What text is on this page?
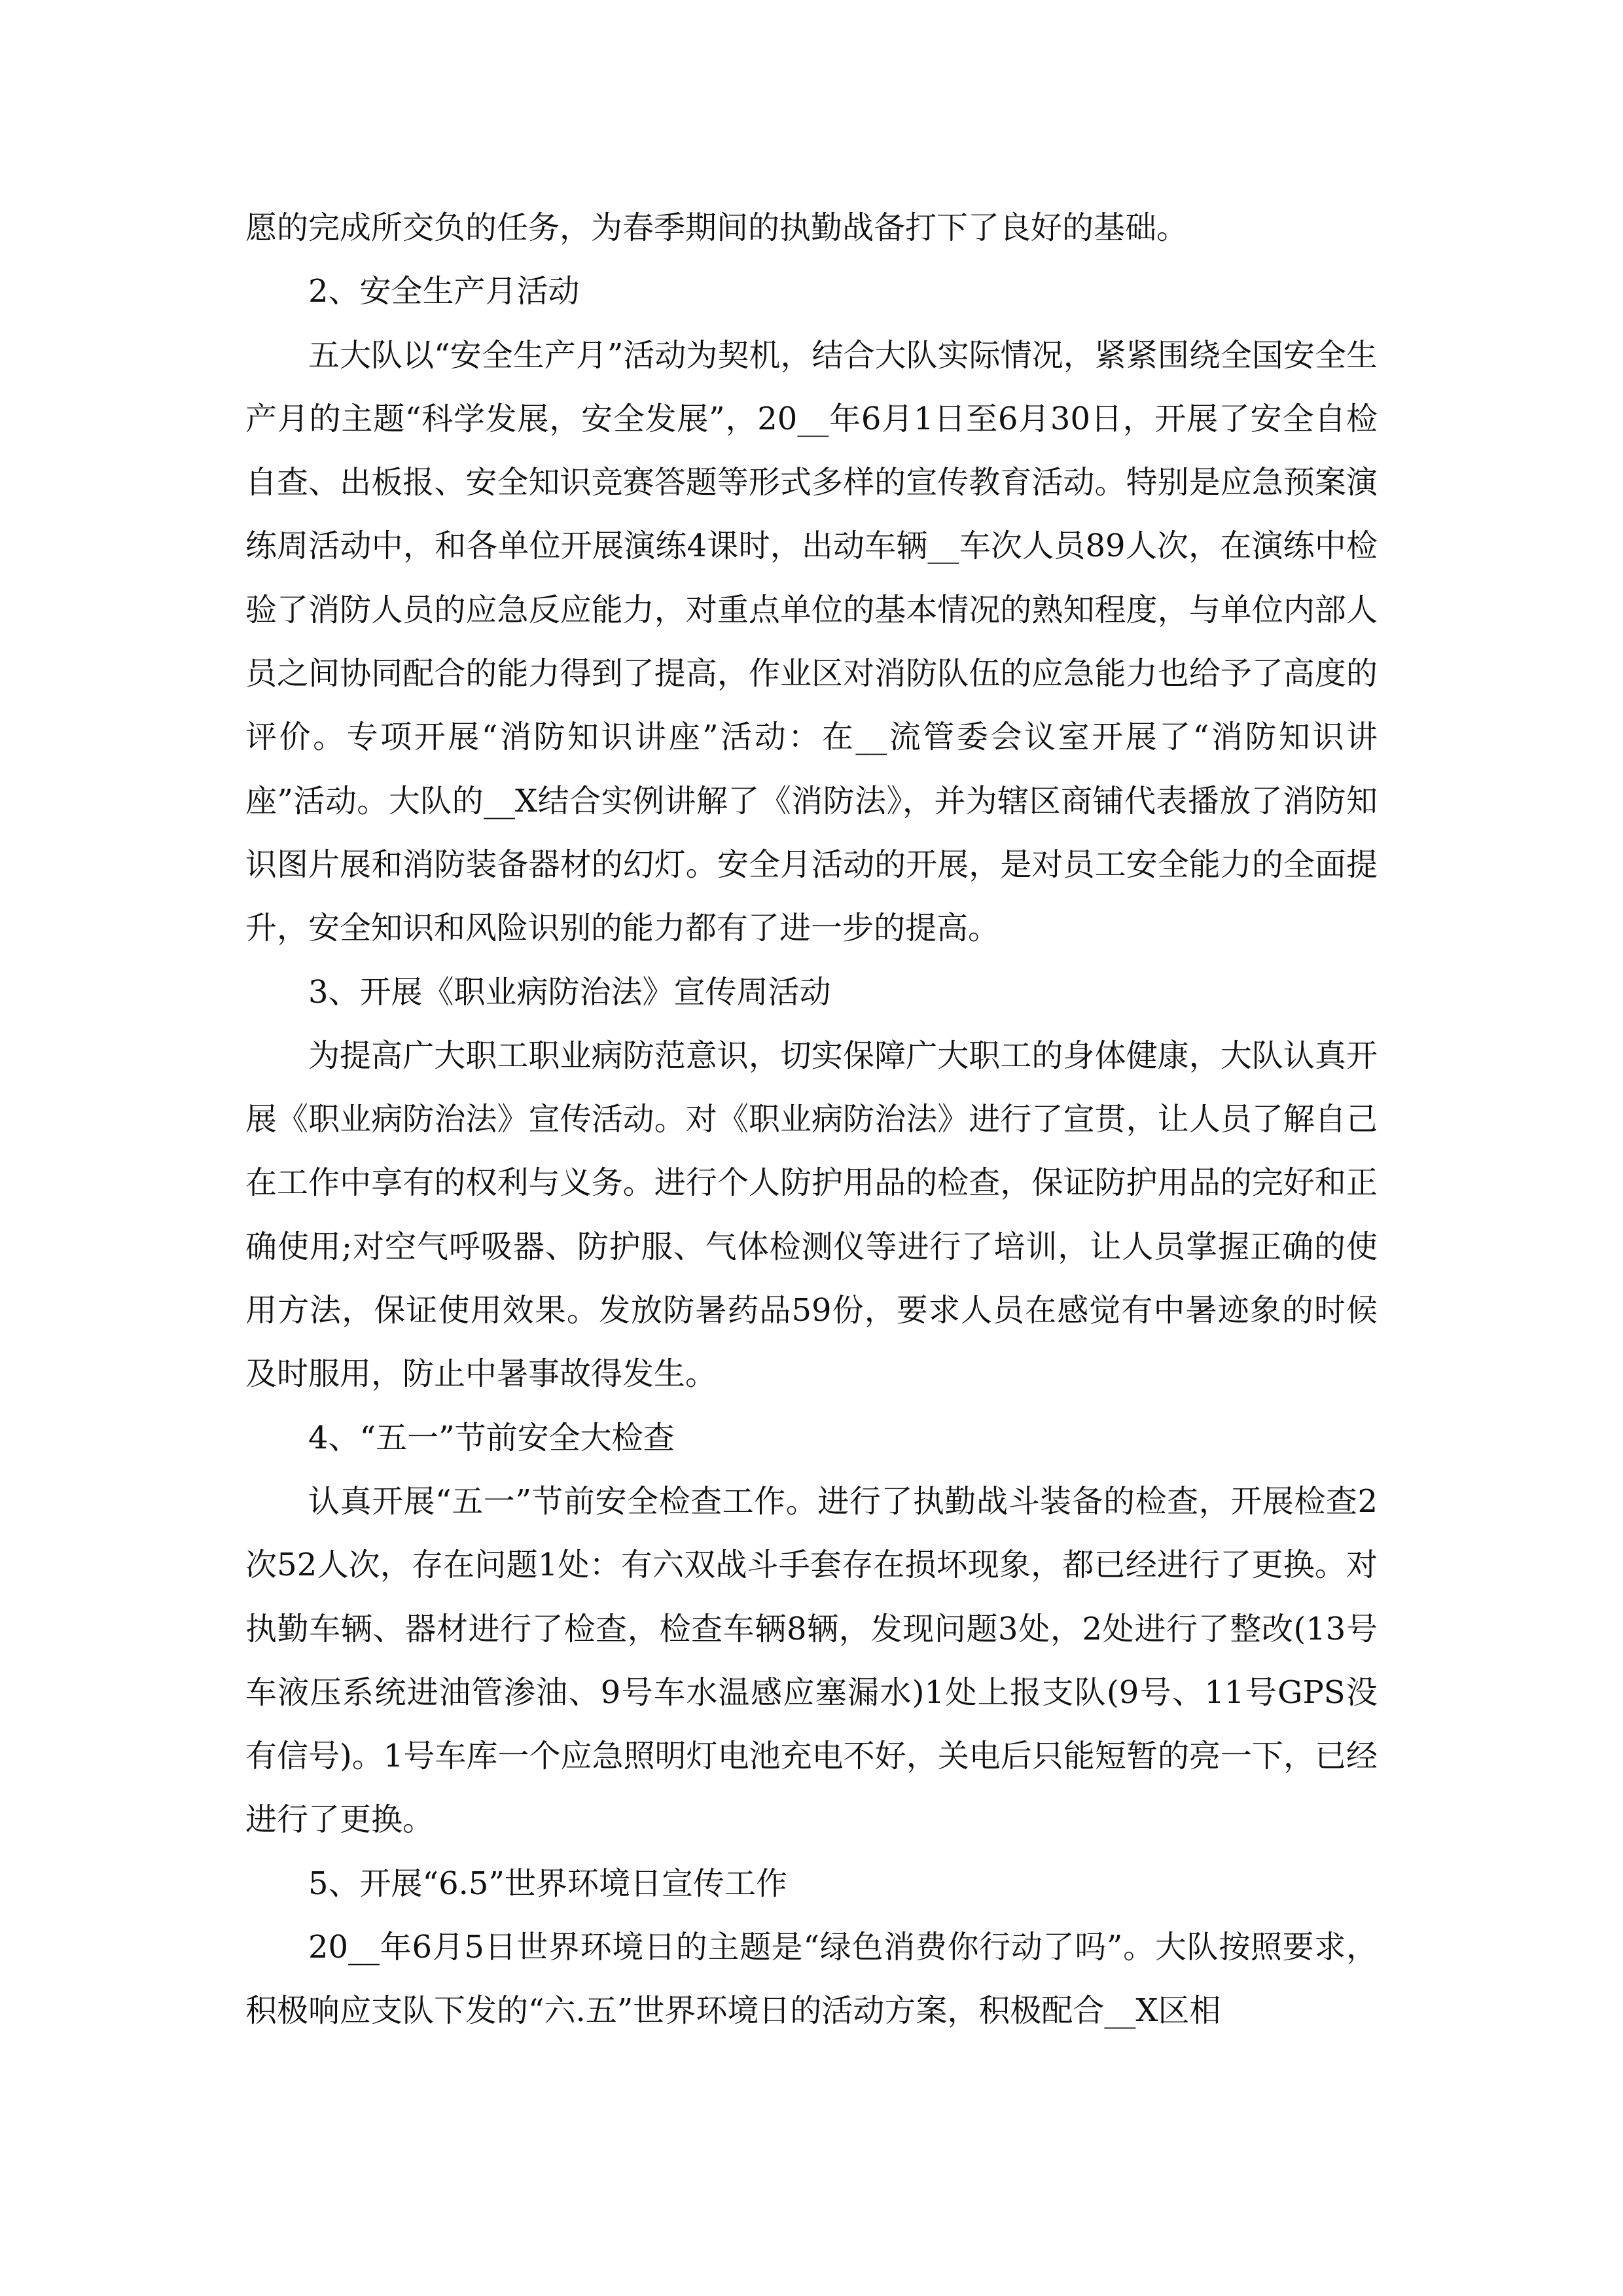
愿的完成所交负的任务，为春季期间的执勤战备打下了良好的基础。

2、安全生产月活动

五大队以“安全生产月”活动为契机，结合大队实际情况，紧紧围绕全国安全生产月的主题“科学发展，安全发展”，20__年6月1日至6月30日，开展了安全自检自查、出板报、安全知识竞赛答题等形式多样的宣传教育活动。特别是应急预案演练周活动中，和各单位开展演练4课时，出动车辆__车次人员89人次，在演练中检验了消防人员的应急反应能力，对重点单位的基本情况的熟知程度，与单位内部人员之间协同配合的能力得到了提高，作业区对消防队伍的应急能力也给予了高度的评价。专项开展“消防知识讲座”活动：在__流管委会议室开展了“消防知识讲座”活动。大队的__X结合实例讲解了《消防法》，并为辖区商铺代表播放了消防知识图片展和消防装备器材的幻灯。安全月活动的开展，是对员工安全能力的全面提升，安全知识和风险识别的能力都有了进一步的提高。

3、开展《职业病防治法》宣传周活动

为提高广大职工职业病防范意识，切实保障广大职工的身体健康，大队认真开展《职业病防治法》宣传活动。对《职业病防治法》进行了宣贯，让人员了解自己在工作中享有的权利与义务。进行个人防护用品的检查，保证防护用品的完好和正确使用;对空气呼吸器、防护服、气体检测仪等进行了培训，让人员掌握正确的使用方法，保证使用效果。发放防暑药品59份，要求人员在感觉有中暑迹象的时候及时服用，防止中暑事故得发生。

4、“五一”节前安全大检查

认真开展“五一”节前安全检查工作。进行了执勤战斗装备的检查，开展检查2次52人次，存在问题1处：有六双战斗手套存在损坏现象，都已经进行了更换。对执勤车辆、器材进行了检查，检查车辆8辆，发现问题3处，2处进行了整改(13号车液压系统进油管渗油、9号车水温感应塞漏水)1处上报支队(9号、11号GPS没有信号)。1号车库一个应急照明灯电池充电不好，关电后只能短暂的亮一下，已经进行了更换。

5、开展“6.5”世界环境日宣传工作

20__年6月5日世界环境日的主题是“绿色消费你行动了吗”。大队按照要求，积极响应支队下发的“六.五”世界环境日的活动方案，积极配合__X区相
